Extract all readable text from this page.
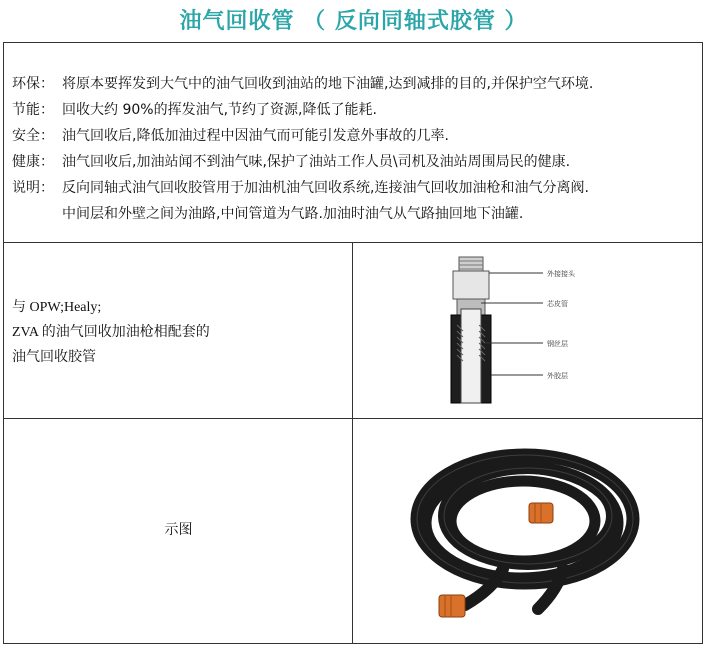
油气回收管 （ 反向同轴式胶管 ）
环保： 将原本要挥发到大气中的油气回收到油站的地下油罐,达到减排的目的,并保护空气环境.
节能： 回收大约 90%的挥发油气,节约了资源,降低了能耗.
安全： 油气回收后,降低加油过程中因油气而可能引发意外事故的几率.
健康： 油气回收后,加油站闻不到油气味,保护了油站工作人员\司机及油站周围局民的健康.
说明： 反向同轴式油气回收胶管用于加油机油气回收系统,连接油气回收加油枪和油气分离阀.
中间层和外壁之间为油路,中间管道为气路.加油时油气从气路抽回地下油罐.
与 OPW;Healy;
ZVA 的油气回收加油枪相配套的
油气回收胶管
外接接头
芯皮管
钢丝层
外胶层
示图
